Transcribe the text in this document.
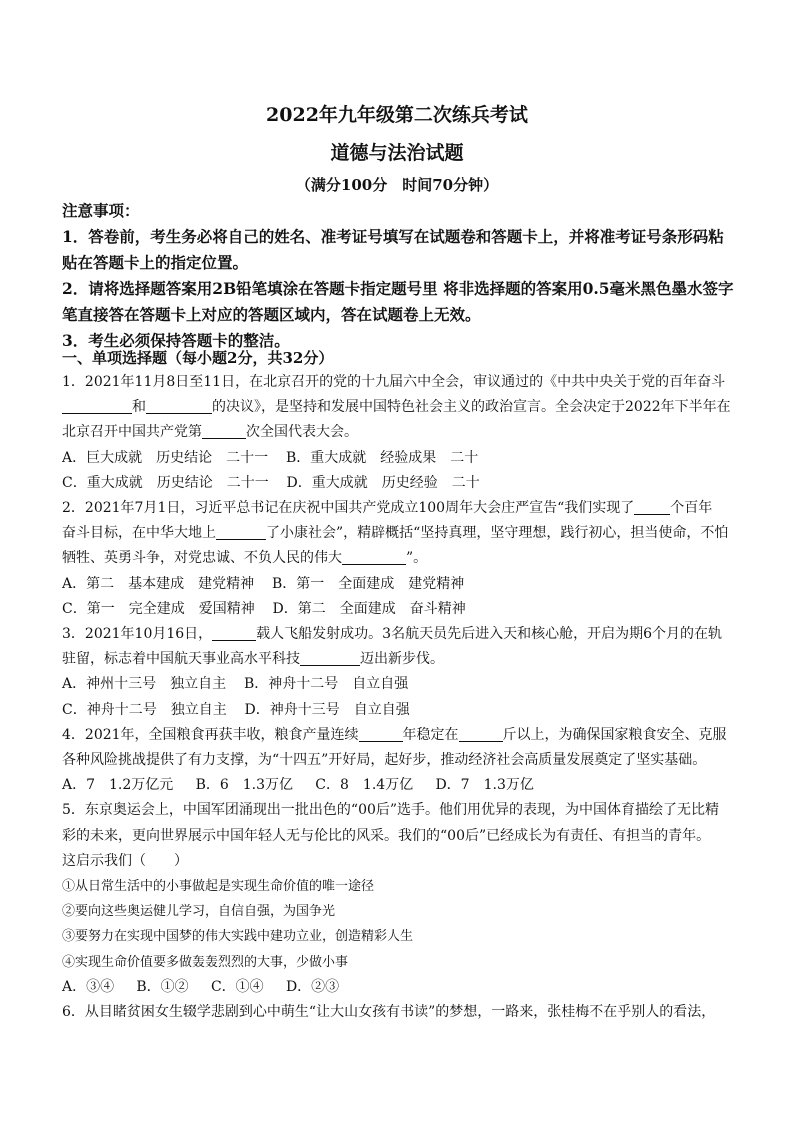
2022年九年级第二次练兵考试
道德与法治试题
（满分100分　时间70分钟）

注意事项：

1．答卷前，考生务必将自己的姓名、准考证号填写在试题卷和答题卡上，并将准考证号条形码粘贴在答题卡上的指定位置。

2．请将选择题答案用2B铅笔填涂在答题卡指定题号里 将非选择题的答案用0.5毫米黑色墨水签字笔直接答在答题卡上对应的答题区域内，答在试题卷上无效。

3．考生必须保持答题卡的整洁。

一、单项选择题（每小题2分，共32分）

1．2021年11月8日至11日，在北京召开的党的十九届六中全会，审议通过的《中共中央关于党的百年奋斗
和	的决议》，是坚持和发展中国特色社会主义的政治宣言。全会决定于2022年下半年在
北京召开中国共产党第	次全国代表大会。

A．巨大成就　历史结论　二十一 B．重大成就　经验成果　二十

C．重大成就　历史结论　二十一 D．重大成就　历史经验　二十

2．2021年7月1日，习近平总书记在庆祝中国共产党成立100周年大会庄严宣告“我们实现了	个百年
奋斗目标，在中华大地上	了小康社会”，精辟概括“坚持真理，坚守理想，践行初心，担当使命，不怕
牺牲、英勇斗争，对党忠诚、不负人民的伟大	”。

A．第二　基本建成　建党精神 B．第一　全面建成　建党精神

C．第一　完全建成　爱国精神 D．第二　全面建成　奋斗精神

3．2021年10月16日，	载人飞船发射成功。3名航天员先后进入天和核心舱，开启为期6个月的在轨
驻留，标志着中国航天事业高水平科技	迈出新步伐。

A．神州十三号　独立自主 B．神舟十二号　自立自强

C．神舟十二号　独立自主 D．神舟十三号　自立自强

4．2021年，全国粮食再获丰收，粮食产量连续	年稳定在	斤以上，为确保国家粮食安全、克服
各种风险挑战提供了有力支撑，为“十四五”开好局，起好步，推动经济社会高质量发展奠定了坚实基础。

A．7　1.2万亿元 B．6　1.3万亿 C．8　1.4万亿 D．7　1.3万亿

5．东京奥运会上，中国军团涌现出一批出色的“00后”选手。他们用优异的表现，为中国体育描绘了无比精
彩的未来，更向世界展示中国年轻人无与伦比的风采。我们的“00后”已经成长为有责任、有担当的青年。
这启示我们（　　）

①从日常生活中的小事做起是实现生命价值的唯一途径

②要向这些奥运健儿学习，自信自强，为国争光

③要努力在实现中国梦的伟大实践中建功立业，创造精彩人生

④实现生命价值要多做轰轰烈烈的大事，少做小事

A．③④ B．①② C．①④ D．②③

6．从目睹贫困女生辍学悲剧到心中萌生“让大山女孩有书读”的梦想，一路来，张桂梅不在乎别人的看法，
